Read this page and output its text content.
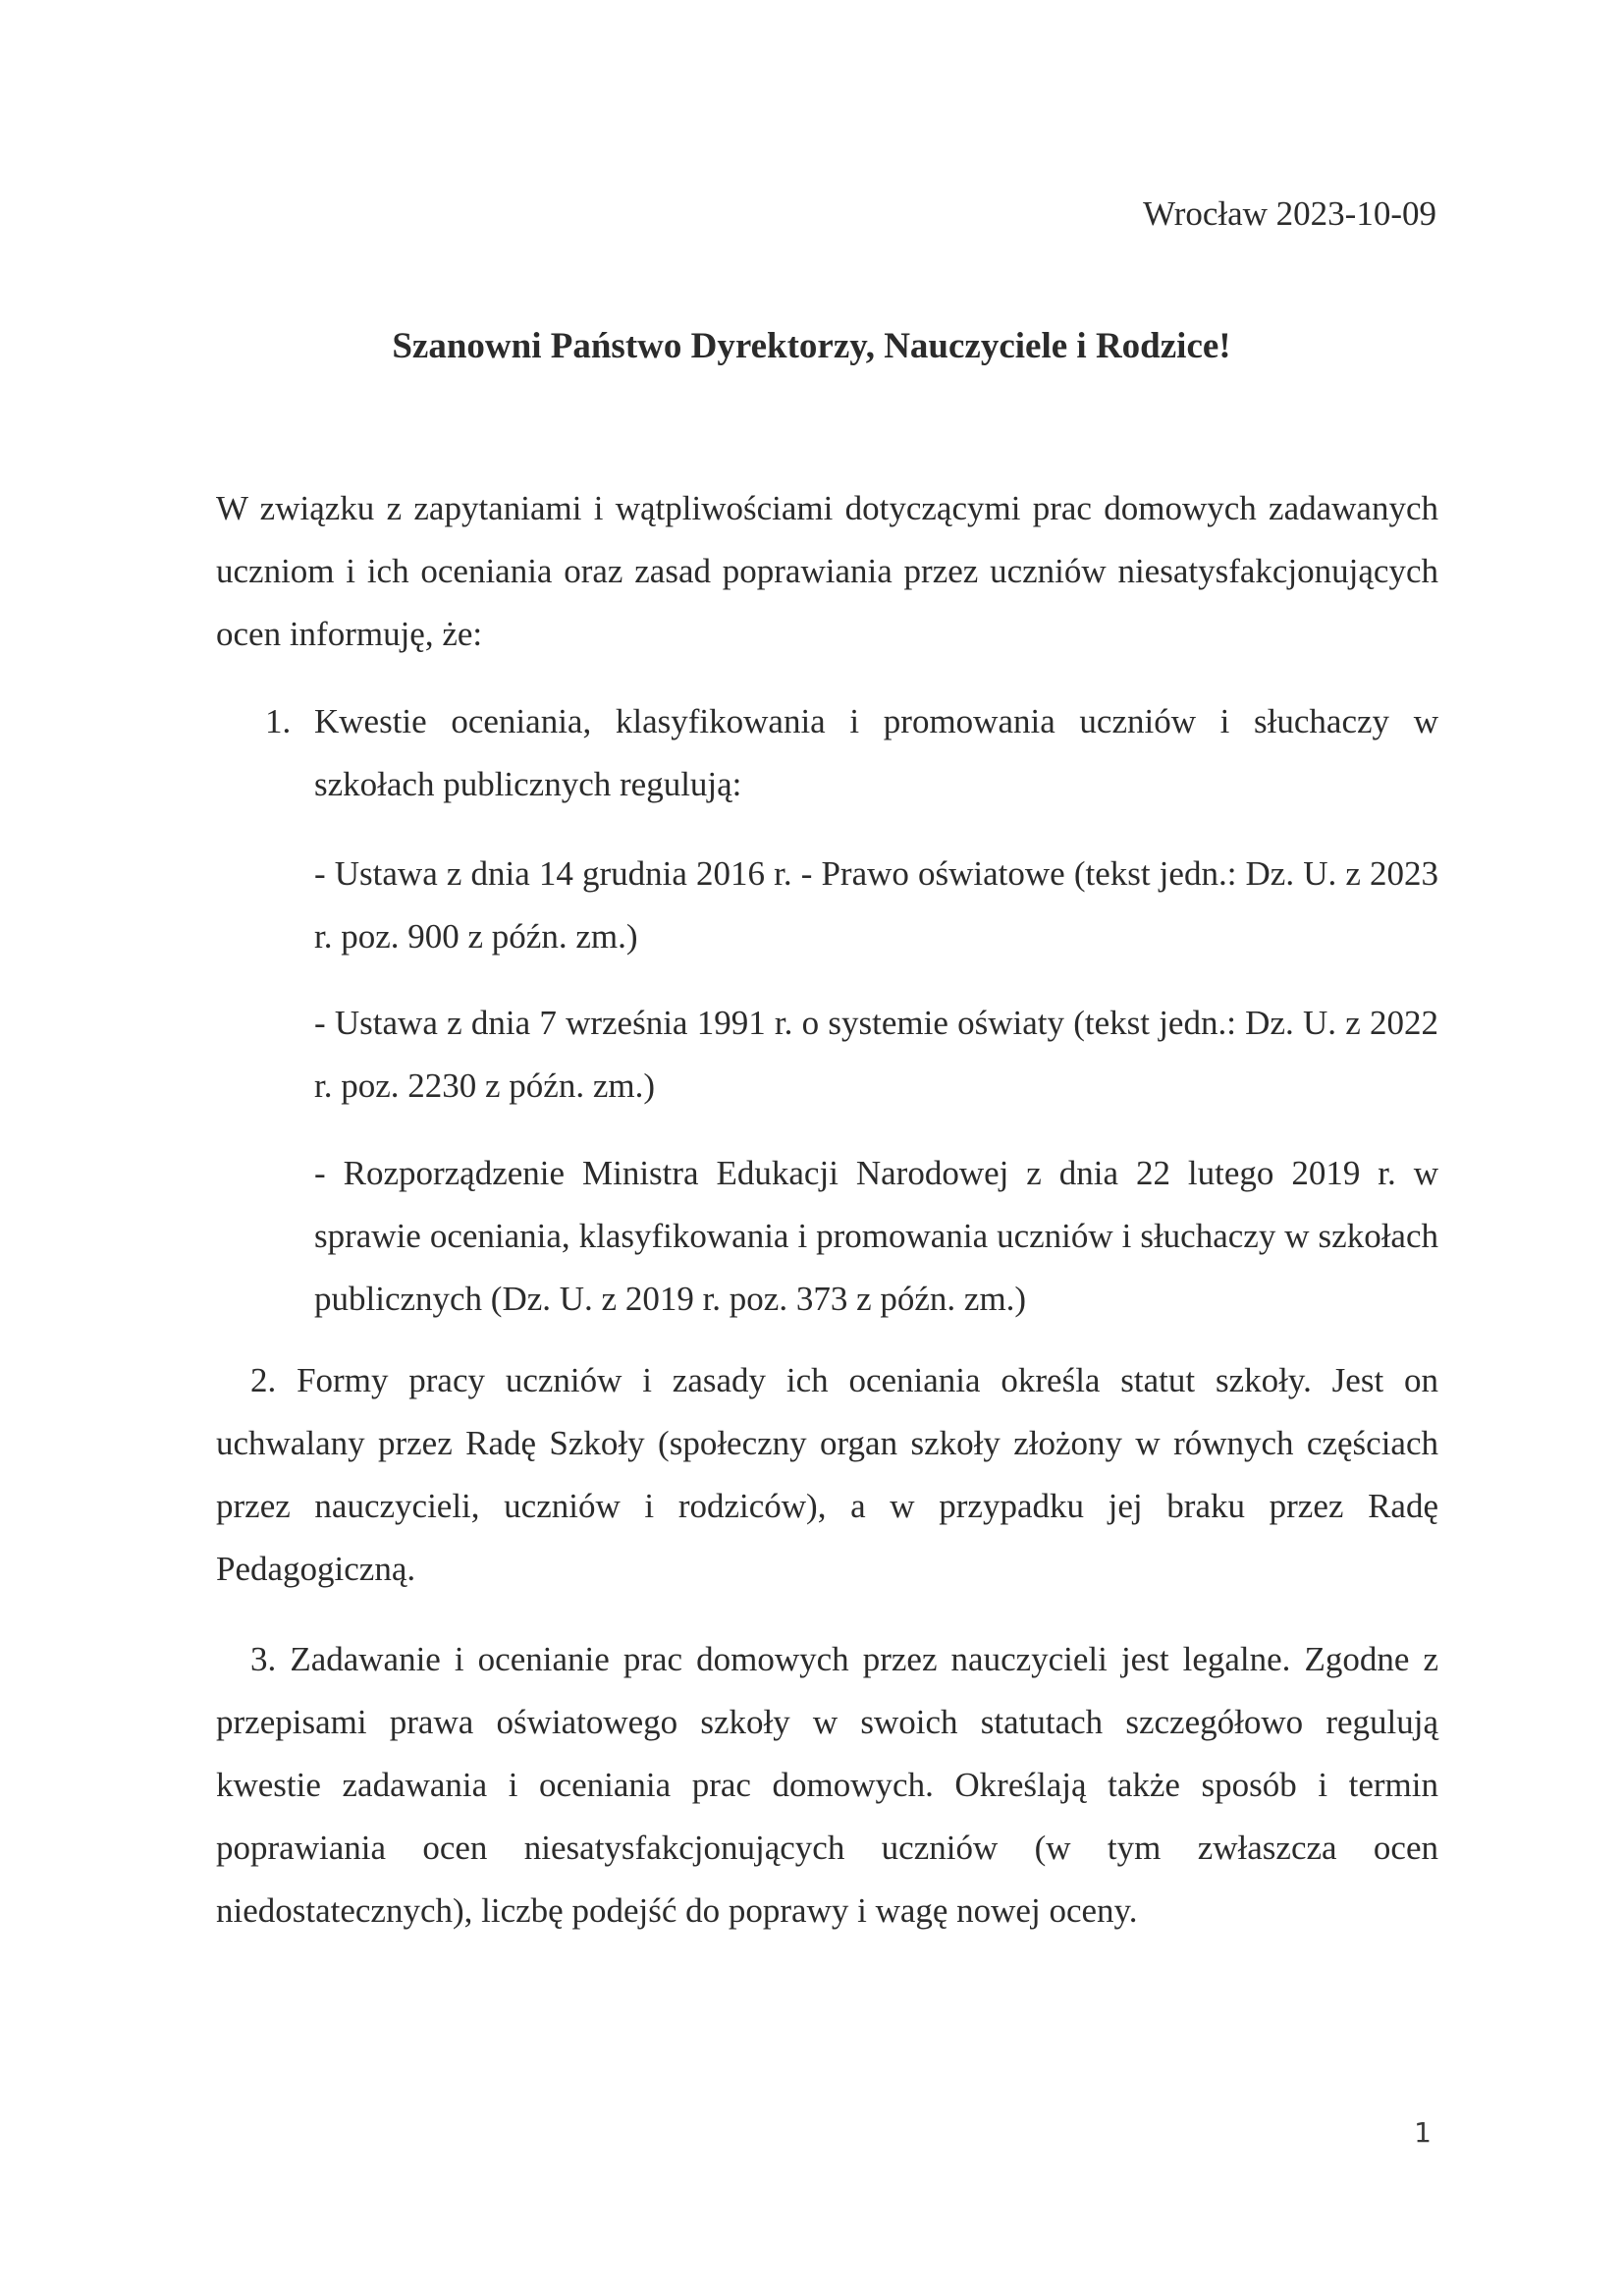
Wrocław 2023-10-09
Szanowni Państwo Dyrektorzy, Nauczyciele i Rodzice!
W związku z zapytaniami i wątpliwościami dotyczącymi prac domowych zadawanych uczniom i ich oceniania oraz zasad poprawiania przez uczniów niesatysfakcjonujących ocen informuję, że:
1. Kwestie oceniania, klasyfikowania i promowania uczniów i słuchaczy w szkołach publicznych regulują:
- Ustawa z dnia 14 grudnia 2016 r. - Prawo oświatowe (tekst jedn.: Dz. U. z 2023 r. poz. 900 z późn. zm.)
- Ustawa z dnia 7 września 1991 r. o systemie oświaty (tekst jedn.: Dz. U. z 2022 r. poz. 2230 z późn. zm.)
- Rozporządzenie Ministra Edukacji Narodowej z dnia 22 lutego 2019 r. w sprawie oceniania, klasyfikowania i promowania uczniów i słuchaczy w szkołach publicznych (Dz. U. z 2019 r. poz. 373 z późn. zm.)
2. Formy pracy uczniów i zasady ich oceniania określa statut szkoły. Jest on uchwalany przez Radę Szkoły (społeczny organ szkoły złożony w równych częściach przez nauczycieli, uczniów i rodziców), a w przypadku jej braku przez Radę Pedagogiczną.
3. Zadawanie i ocenianie prac domowych przez nauczycieli jest legalne. Zgodne z przepisami prawa oświatowego szkoły w swoich statutach szczegółowo regulują kwestie zadawania i oceniania prac domowych. Określają także sposób i termin poprawiania ocen niesatysfakcjonujących uczniów (w tym zwłaszcza ocen niedostatecznych), liczbę podejść do poprawy i wagę nowej oceny.
1
